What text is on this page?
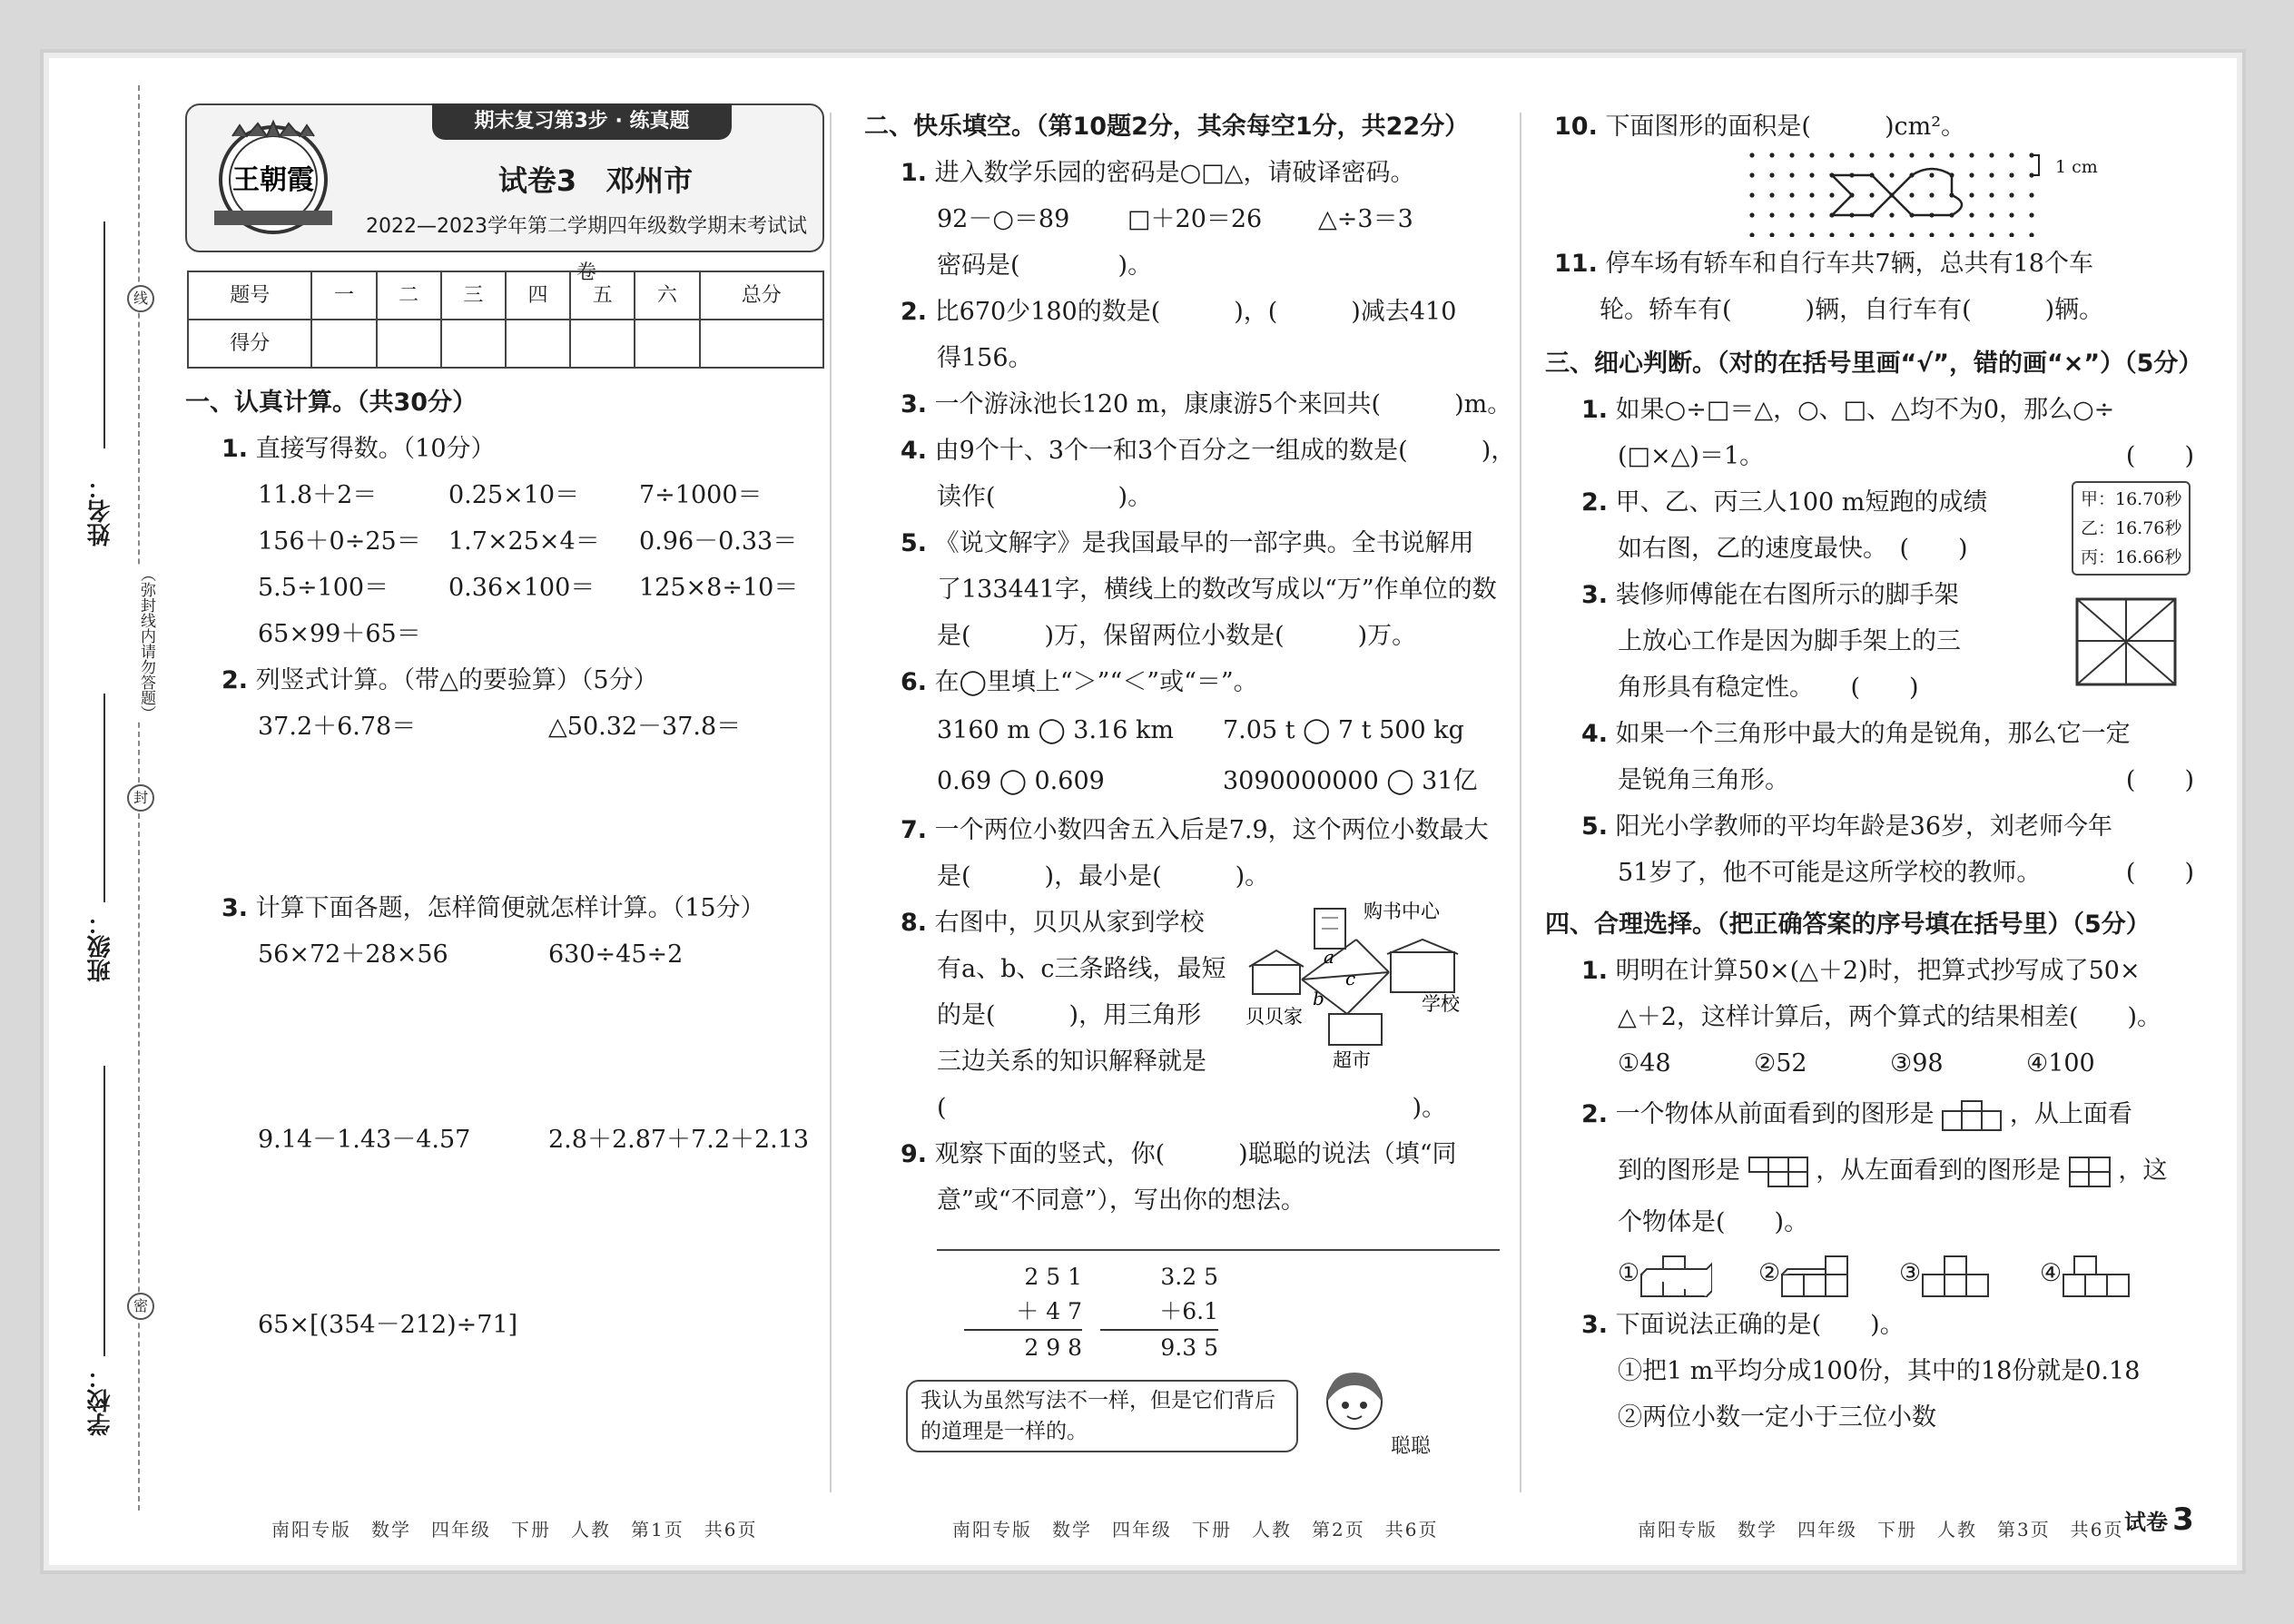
线
封
密
（弥封线内请勿答题）
姓名：
班级：
学校：
期末复习第3步 · 练真题
王朝霞	试卷3　邓州市
2022—2023学年第二学期四年级数学期末考试试卷
题号	一	二	三	四	五	六	总分
得分							
一、认真计算。（共30分）
1. 直接写得数。（10分）
11.8＋2＝	0.25×10＝	7÷1000＝
156＋0÷25＝	1.7×25×4＝	0.96－0.33＝
5.5÷100＝	0.36×100＝	125×8÷10＝
65×99＋65＝
2. 列竖式计算。（带△的要验算）（5分）
37.2＋6.78＝	△50.32－37.8＝
3. 计算下面各题，怎样简便就怎样计算。（15分）
56×72＋28×56	630÷45÷2
9.14－1.43－4.57	2.8＋2.87＋7.2＋2.13
65×[(354－212)÷71]
二、快乐填空。（第10题2分，其余每空1分，共22分）
1. 进入数学乐园的密码是○□△，请破译密码。
92－○＝89	□＋20＝26	△÷3＝3
密码是(　　　　)。
2. 比670少180的数是(　　　)，(　　　)减去410
得156。
3. 一个游泳池长120 m，康康游5个来回共(　　　)m。
4. 由9个十、3个一和3个百分之一组成的数是(　　　)，
读作(　　　　　)。
5. 《说文解字》是我国最早的一部字典。全书说解用
了133441字，横线上的数改写成以“万”作单位的数
是(　　　)万，保留两位小数是(　　　)万。
6. 在◯里填上“＞”“＜”或“＝”。
3160 m ◯ 3.16 km	7.05 t ◯ 7 t 500 kg
0.69 ◯ 0.609	3090000000 ◯ 31亿
7. 一个两位小数四舍五入后是7.9，这个两位小数最大
是(　　　)，最小是(　　　)。
8. 右图中，贝贝从家到学校
有a、b、c三条路线，最短
的是(　　　)，用三角形
三边关系的知识解释就是
(　　　　　　　　　　　　　　　　　　　)。
a
c
b
购书中心
贝贝家
学校
超市
9. 观察下面的竖式，你(　　　)聪聪的说法（填“同
意”或“不同意”），写出你的想法。
2 5 1
＋ 4 7
2 9 8
3.2 5
＋6.1
9.3 5
我认为虽然写法不一样，但是它们背后的道理是一样的。
聪聪
10. 下面图形的面积是(　　　)cm²。
1 cm
11. 停车场有轿车和自行车共7辆，总共有18个车
轮。轿车有(　　　)辆，自行车有(　　　)辆。
三、细心判断。（对的在括号里画“√”，错的画“×”）（5分）
1. 如果○÷□＝△，○、□、△均不为0，那么○÷
(□×△)＝1。	(　　)
2. 甲、乙、丙三人100 m短跑的成绩
如右图，乙的速度最快。　(　　)
3. 装修师傅能在右图所示的脚手架
上放心工作是因为脚手架上的三
角形具有稳定性。　　(　　)
甲：16.70秒
乙：16.76秒
丙：16.66秒
4. 如果一个三角形中最大的角是锐角，那么它一定
是锐角三角形。	(　　)
5. 阳光小学教师的平均年龄是36岁，刘老师今年
51岁了，他不可能是这所学校的教师。	(　　)
四、合理选择。（把正确答案的序号填在括号里）（5分）
1. 明明在计算50×(△＋2)时，把算式抄写成了50×
△＋2，这样计算后，两个算式的结果相差(　　)。
①48	②52	③98	④100
2. 一个物体从前面看到的图形是	，从上面看
到的图形是	，从左面看到的图形是 ，这
个物体是(　　)。
①	②	③	④
3. 下面说法正确的是(　　)。
①把1 m平均分成100份，其中的18份就是0.18
②两位小数一定小于三位小数
南阳专版　数学　四年级　下册　人教　第1页　共6页	南阳专版　数学　四年级　下册　人教　第2页　共6页	南阳专版　数学　四年级　下册　人教　第3页　共6页 试卷 3
